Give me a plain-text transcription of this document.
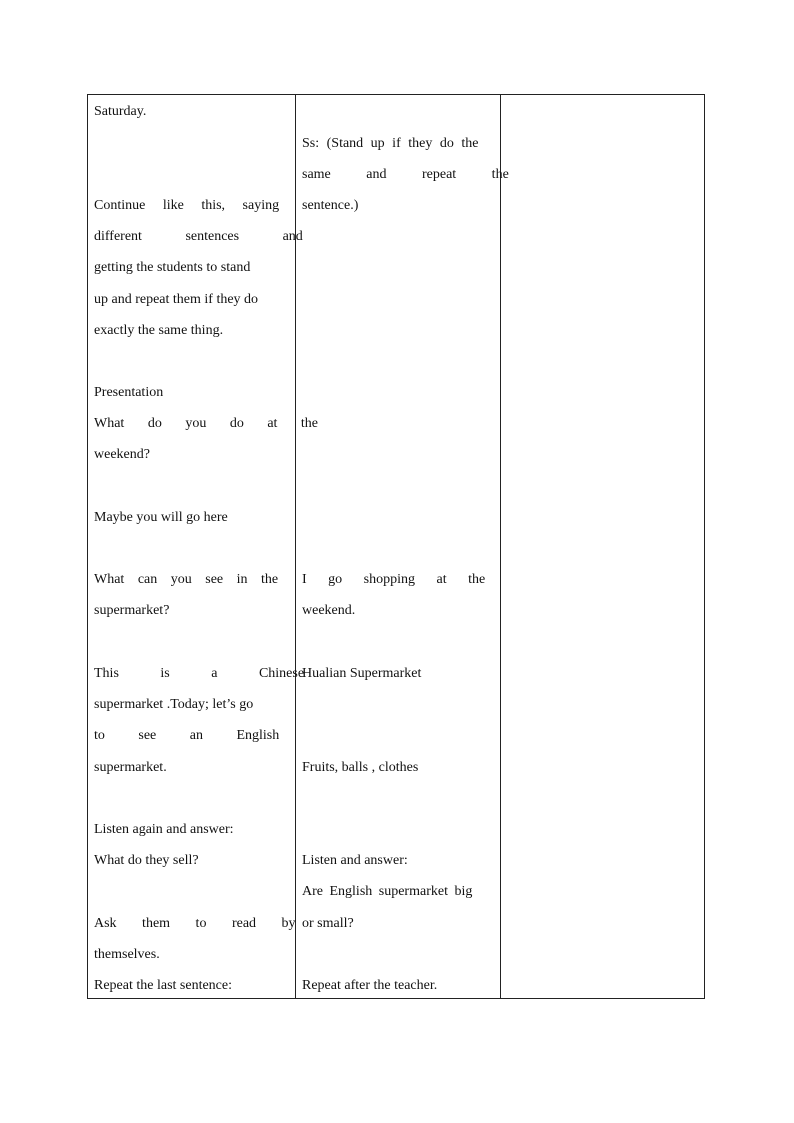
Saturday.
Continue like this, saying
different sentences and
getting the students to stand
up and repeat them if they do
exactly the same thing.
Presentation
What do you do at the
weekend?
Maybe you will go here
What can you see in the
supermarket?
This is a Chinese
supermarket .Today; let’s go
to see an English
supermarket.
Listen again and answer:
What do they sell?
Ask them to read by
themselves.
Repeat the last sentence:
Ss: (Stand up if they do the
same and repeat the
sentence.)
I go shopping at the
weekend.
Hualian Supermarket
Fruits, balls , clothes
Listen and answer:
Are English supermarket big
or small?
Repeat after the teacher.
